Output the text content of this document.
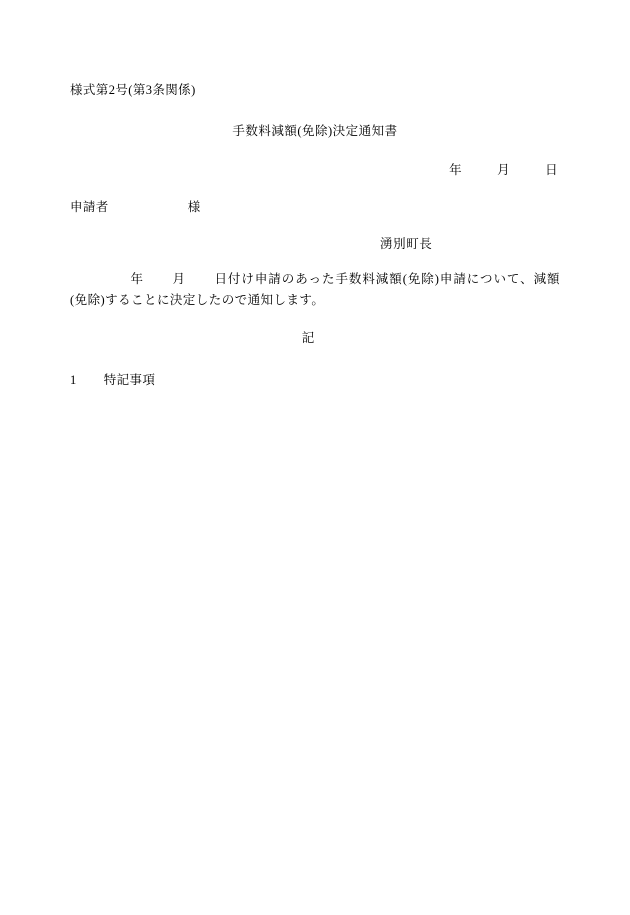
様式第2号(第3条関係)
手数料減額(免除)決定通知書
年	月	日
申請者	様
湧別町長
年 月 日付け申請のあった手数料減額(免除)申請について、減額(免除)することに決定したので通知します。
記
1 特記事項
